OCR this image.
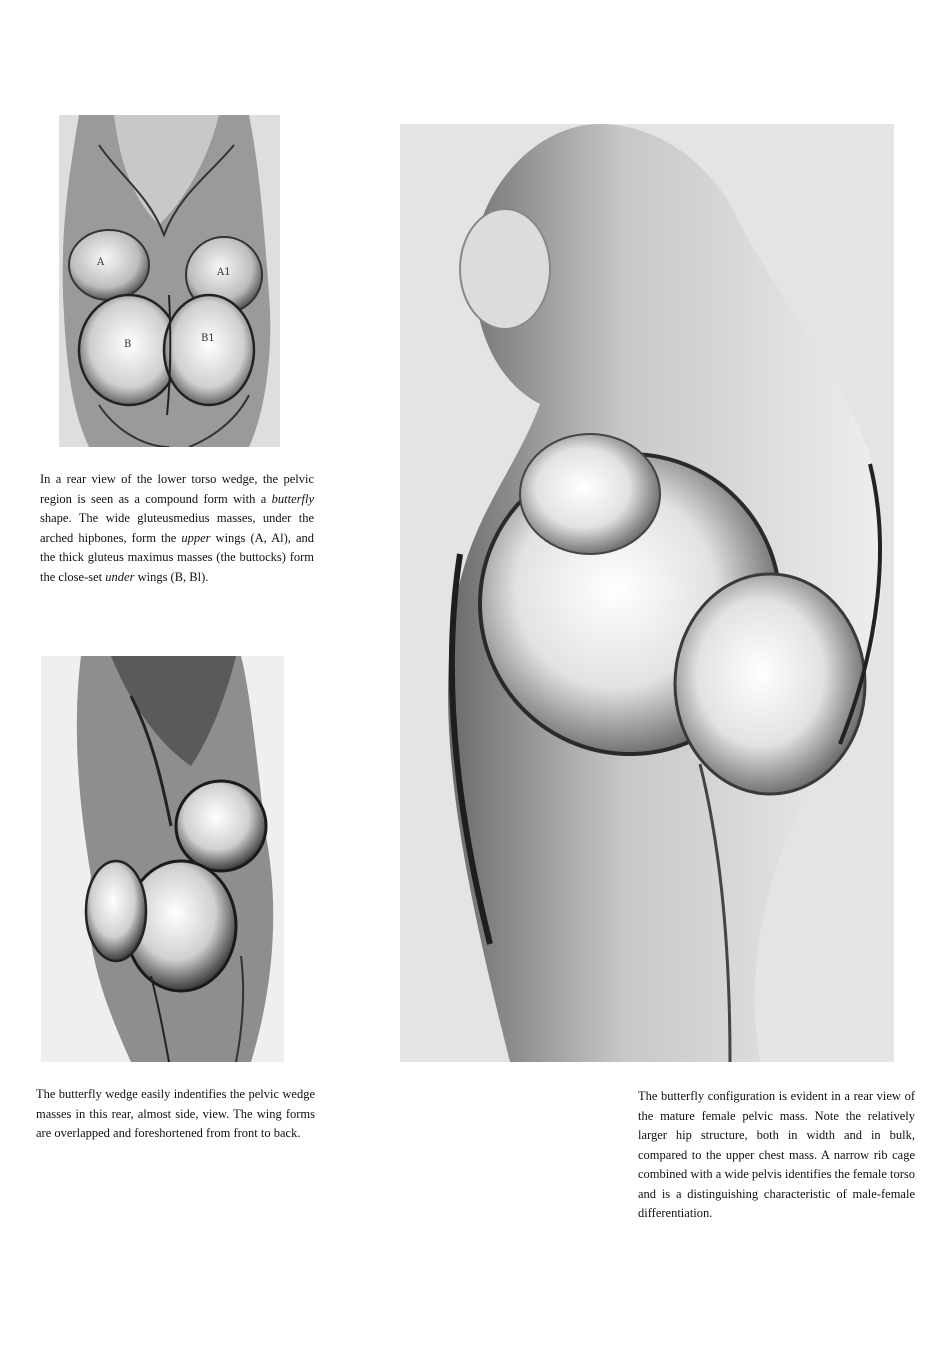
A
A1
B
B1
In a rear view of the lower torso wedge, the pelvic region is seen as a compound form with a butterfly shape. The wide gluteusmedius masses, under the arched hipbones, form the upper wings (A, Al), and the thick gluteus maximus masses (the buttocks) form the close-set under wings (B, Bl).
The butterfly wedge easily indentifies the pelvic wedge masses in this rear, almost side, view. The wing forms are overlapped and foreshortened from front to back.
The butterfly configuration is evident in a rear view of the mature female pelvic mass. Note the relatively larger hip structure, both in width and in bulk, compared to the upper chest mass. A narrow rib cage combined with a wide pelvis identifies the female torso and is a distinguishing characteristic of male-female differentiation.
